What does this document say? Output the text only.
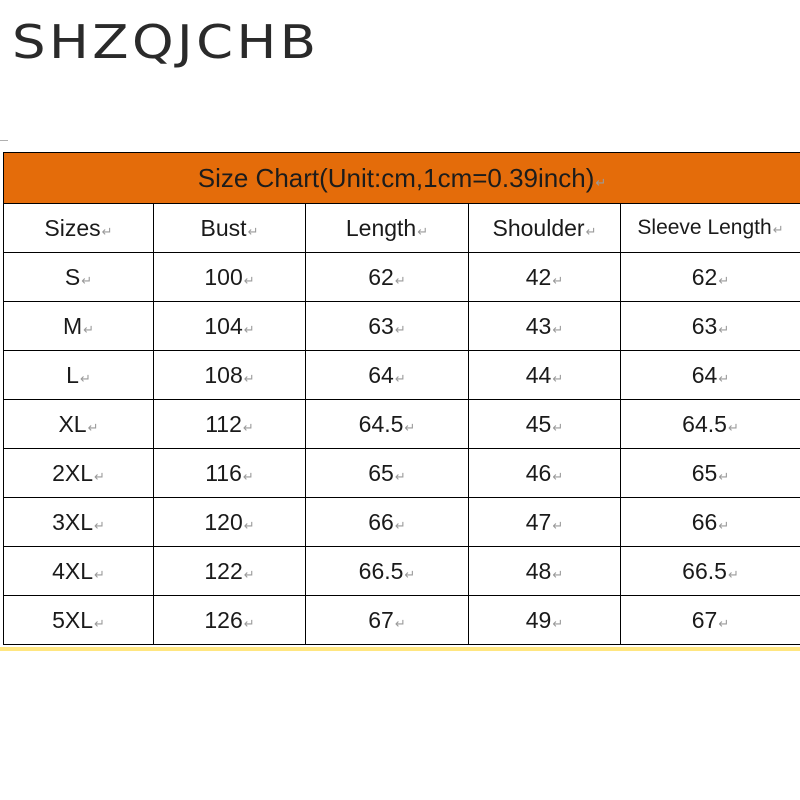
SHZQJCHB
Size Chart(Unit:cm,1cm=0.39inch)↵				
Sizes↵	Bust↵	Length↵	Shoulder↵	Sleeve Length↵
S↵	100↵	62↵	42↵	62↵
M↵	104↵	63↵	43↵	63↵
L↵	108↵	64↵	44↵	64↵
XL↵	112↵	64.5↵	45↵	64.5↵
2XL↵	116↵	65↵	46↵	65↵
3XL↵	120↵	66↵	47↵	66↵
4XL↵	122↵	66.5↵	48↵	66.5↵
5XL↵	126↵	67↵	49↵	67↵
